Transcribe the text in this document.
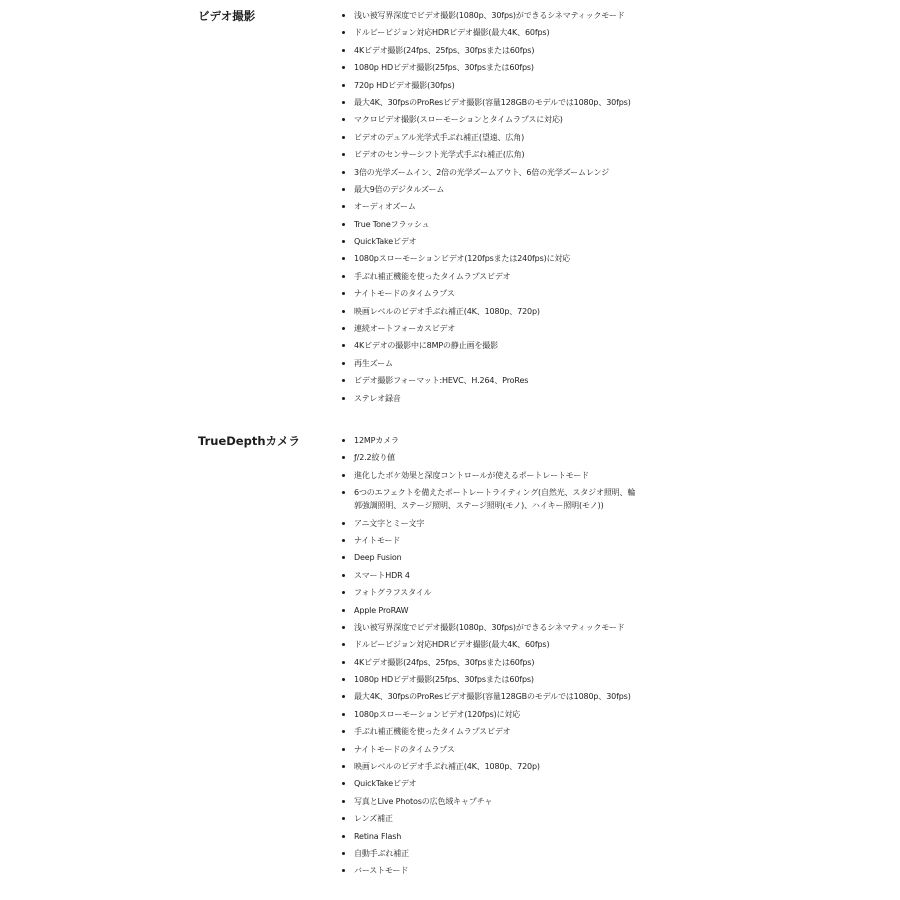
ビデオ撮影	浅い被写界深度でビデオ撮影(1080p、30fps)ができるシネマティックモード
ドルビービジョン対応HDRビデオ撮影(最大4K、60fps)
4Kビデオ撮影(24fps、25fps、30fpsまたは60fps)
1080p HDビデオ撮影(25fps、30fpsまたは60fps)
720p HDビデオ撮影(30fps)
最大4K、30fpsのProResビデオ撮影(容量128GBのモデルでは1080p、30fps)
マクロビデオ撮影(スローモーションとタイムラプスに対応)
ビデオのデュアル光学式手ぶれ補正(望遠、広角)
ビデオのセンサーシフト光学式手ぶれ補正(広角)
3倍の光学ズームイン、2倍の光学ズームアウト、6倍の光学ズームレンジ
最大9倍のデジタルズーム
オーディオズーム
True Toneフラッシュ
QuickTakeビデオ
1080pスローモーションビデオ(120fpsまたは240fps)に対応
手ぶれ補正機能を使ったタイムラプスビデオ
ナイトモードのタイムラプス
映画レベルのビデオ手ぶれ補正(4K、1080p、720p)
連続オートフォーカスビデオ
4Kビデオの撮影中に8MPの静止画を撮影
再生ズーム
ビデオ撮影フォーマット:HEVC、H.264、ProRes
ステレオ録音
TrueDepthカメラ	12MPカメラ
ƒ/2.2絞り値
進化したボケ効果と深度コントロールが使えるポートレートモード
6つのエフェクトを備えたポートレートライティング(自然光、スタジオ照明、輪郭強調照明、ステージ照明、ステージ照明(モノ)、ハイキー照明(モノ))
アニ文字とミー文字
ナイトモード
Deep Fusion
スマートHDR 4
フォトグラフスタイル
Apple ProRAW
浅い被写界深度でビデオ撮影(1080p、30fps)ができるシネマティックモード
ドルビービジョン対応HDRビデオ撮影(最大4K、60fps)
4Kビデオ撮影(24fps、25fps、30fpsまたは60fps)
1080p HDビデオ撮影(25fps、30fpsまたは60fps)
最大4K、30fpsのProResビデオ撮影(容量128GBのモデルでは1080p、30fps)
1080pスローモーションビデオ(120fps)に対応
手ぶれ補正機能を使ったタイムラプスビデオ
ナイトモードのタイムラプス
映画レベルのビデオ手ぶれ補正(4K、1080p、720p)
QuickTakeビデオ
写真とLive Photosの広色域キャプチャ
レンズ補正
Retina Flash
自動手ぶれ補正
バーストモード
